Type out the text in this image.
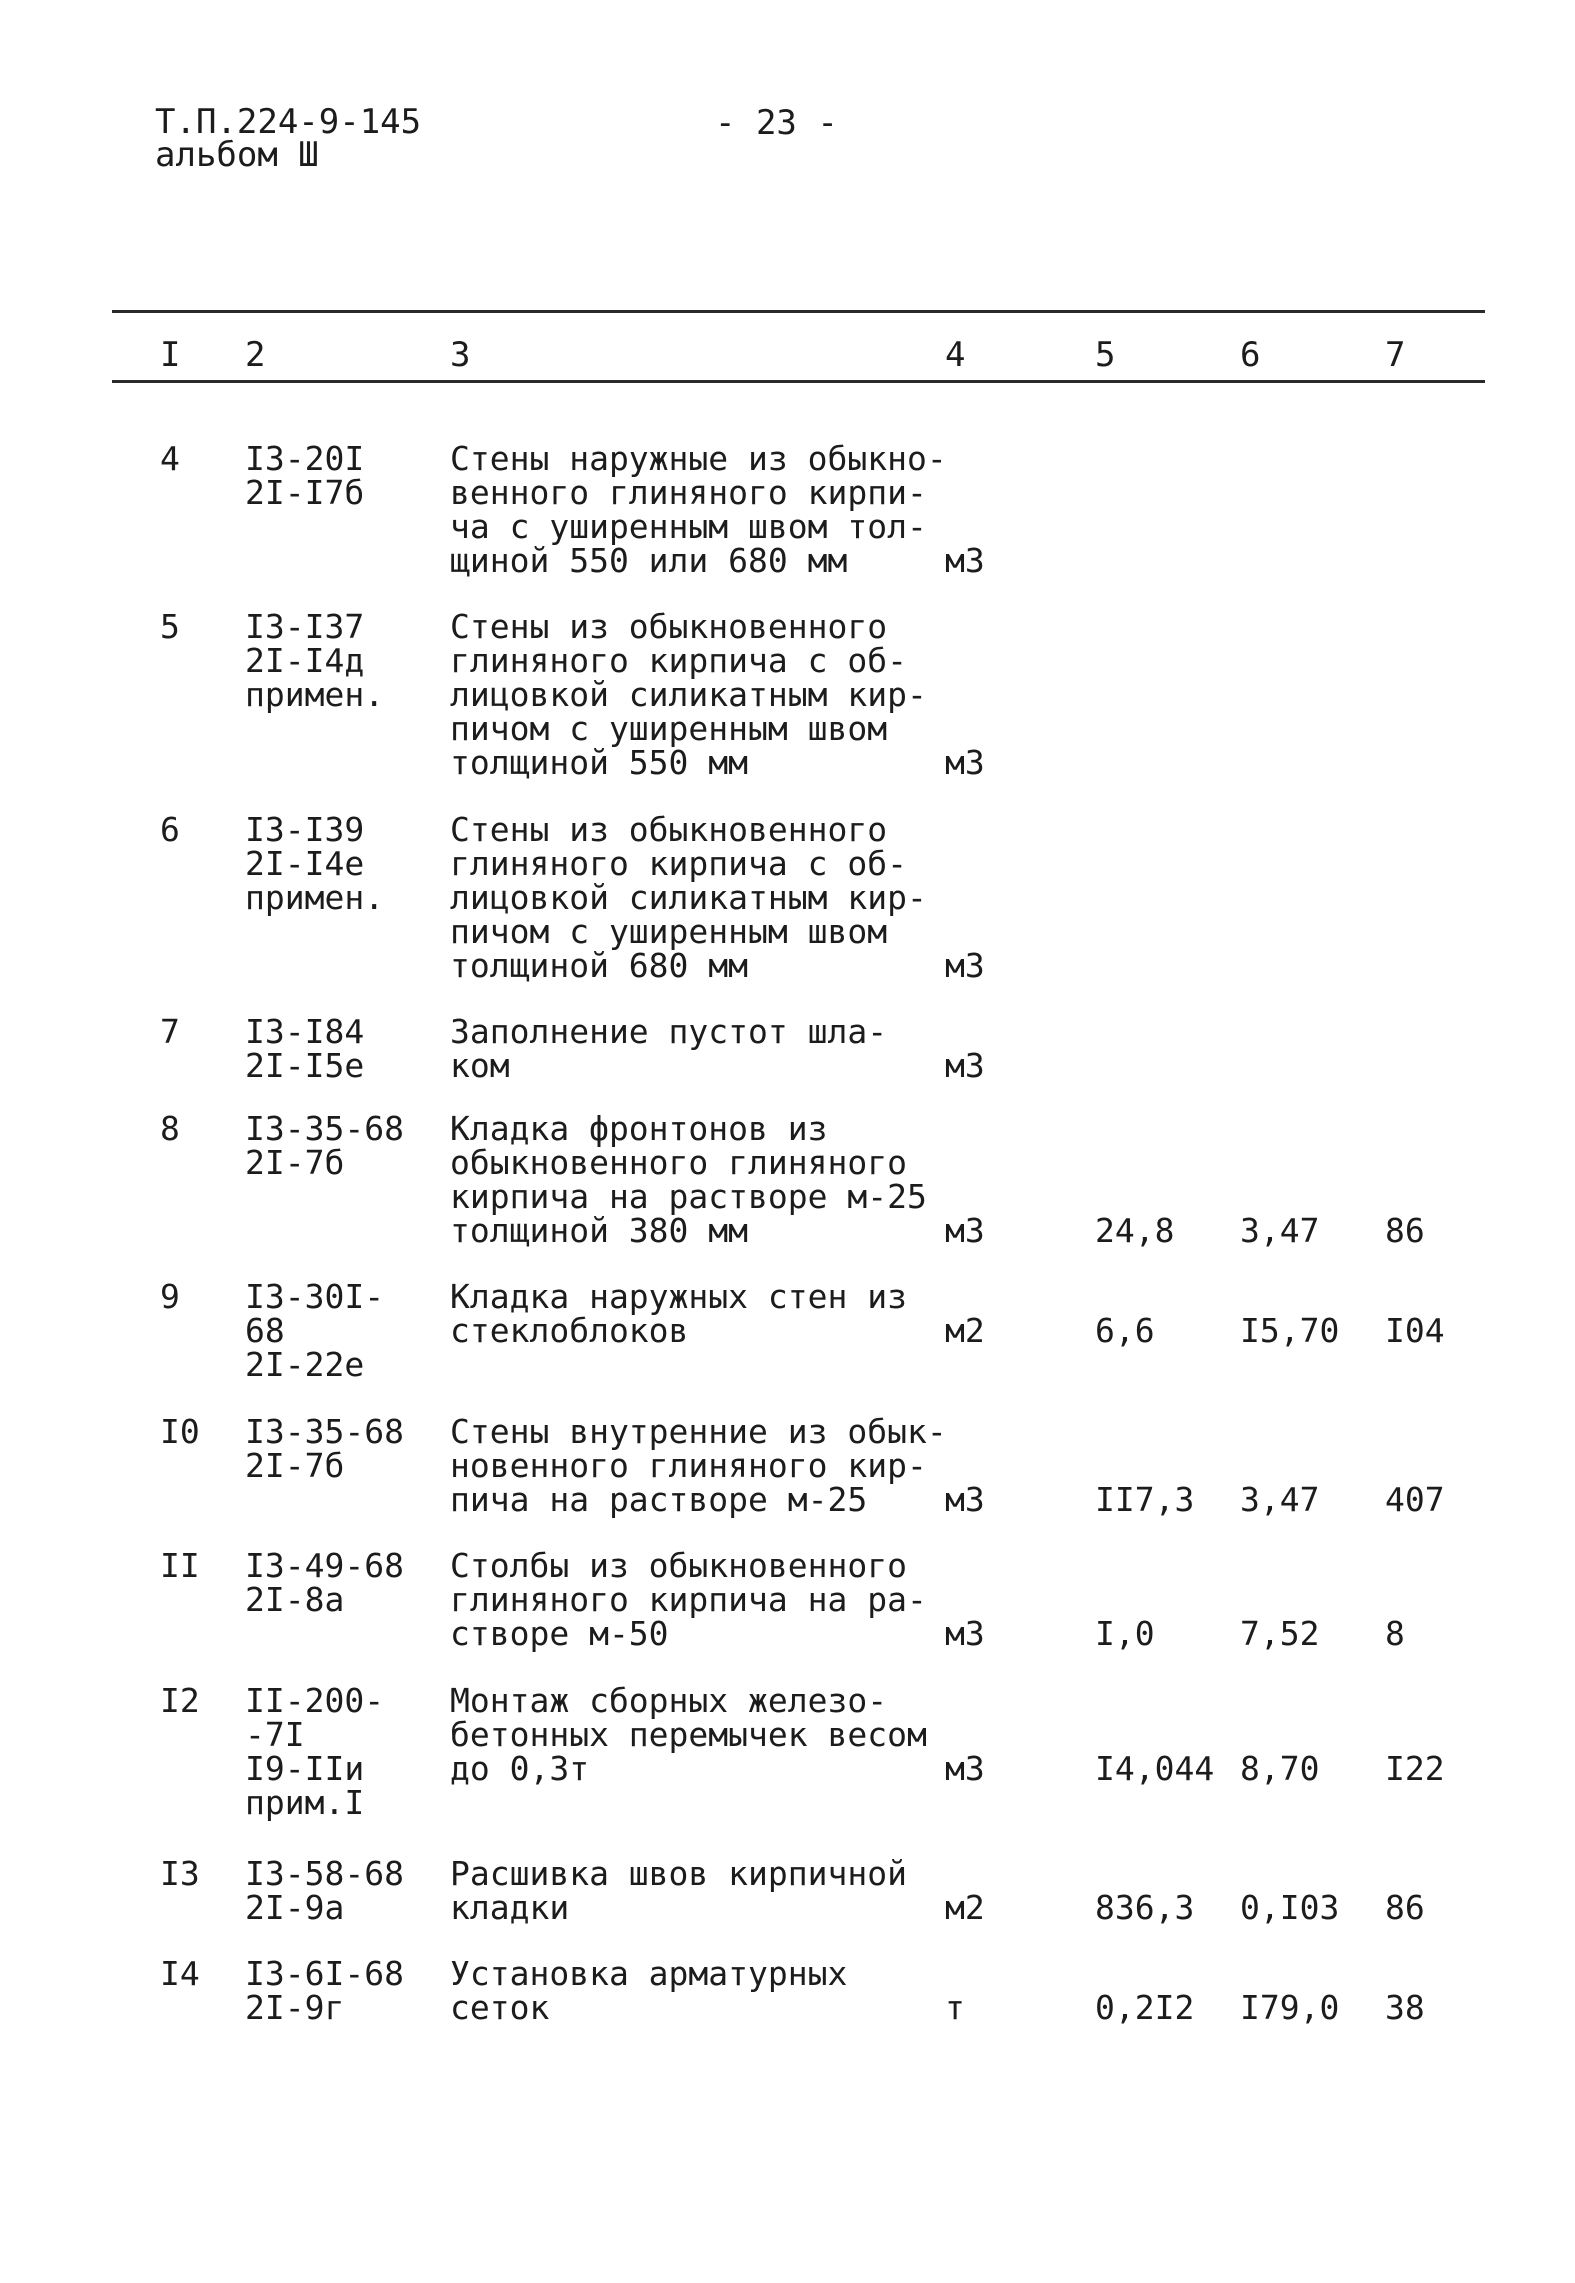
Т.П.224-9-145
альбом Ш
- 23 -
I 2	3	4	5	6	7
4 I3-20I
2I-I7б
Стены наружные из обыкно-
венного глиняного кирпи-
ча с уширенным швом тол-
щиной 550 или 680 мм	м3
5 I3-I37
2I-I4д
примен.
Стены из обыкновенного
глиняного кирпича с об-
лицовкой силикатным кир-
пичом с уширенным швом
толщиной 550 мм	м3
6 I3-I39
2I-I4е
примен.
Стены из обыкновенного
глиняного кирпича с об-
лицовкой силикатным кир-
пичом с уширенным швом
толщиной 680 мм	м3
7 I3-I84
2I-I5е
Заполнение пустот шла-
ком	м3
8 I3-35-68
2I-7б
Кладка фронтонов из
обыкновенного глиняного
кирпича на растворе м-25
толщиной 380 мм	м3	24,8 3,47 86
9 I3-30I-
68
2I-22е
Кладка наружных стен из
стеклоблоков	м2	6,6	I5,70 I04
I0 I3-35-68
2I-7б
Стены внутренние из обык-
новенного глиняного кир-
пича на растворе м-25	м3	II7,3 3,47 407
II I3-49-68
2I-8а
Столбы из обыкновенного
глиняного кирпича на ра-
створе м-50	м3	I,0	7,52 8
I2 II-200-
-7I
I9-IIи
прим.I
Монтаж сборных железо-
бетонных перемычек весом
до 0,3т	м3	I4,044 8,70 I22
I3 I3-58-68
2I-9а
Расшивка швов кирпичной
кладки	м2	836,3 0,I03 86
I4 I3-6I-68
2I-9г
Установка арматурных
сеток	т	0,2I2 I79,0 38
